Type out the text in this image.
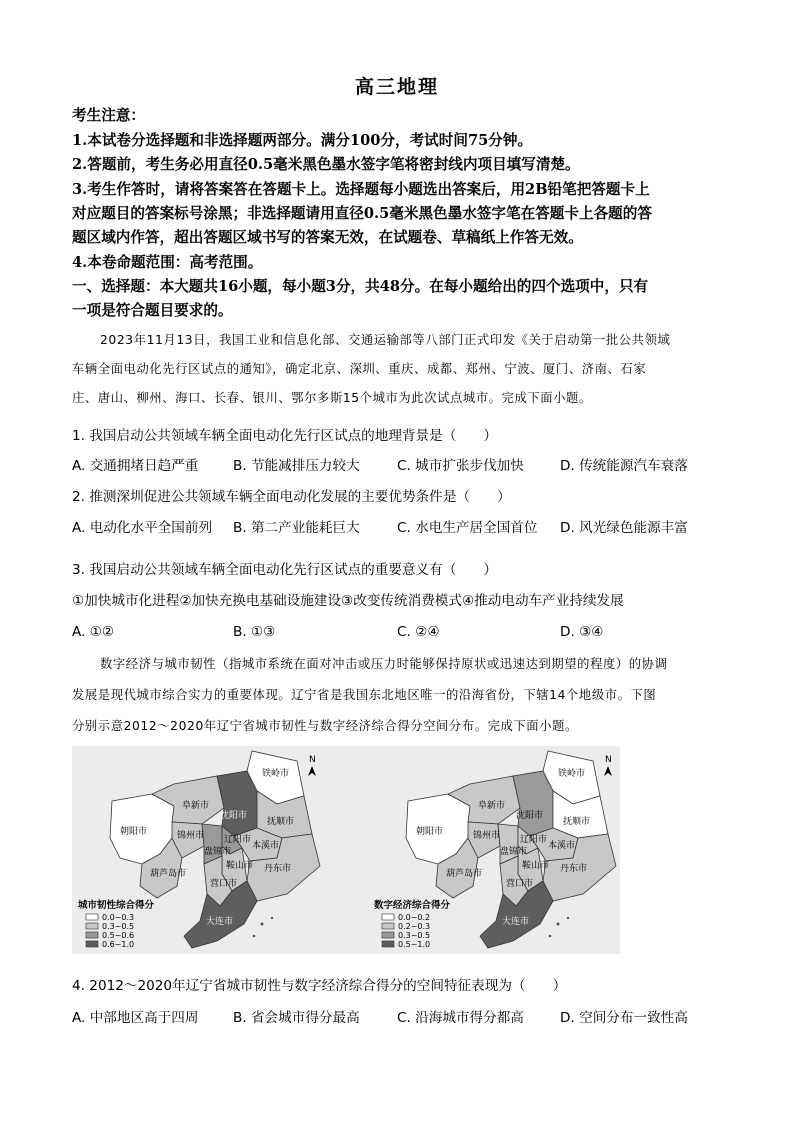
高三地理
考生注意：
1.本试卷分选择题和非选择题两部分。满分100分，考试时间75分钟。
2.答题前，考生务必用直径0.5毫米黑色墨水签字笔将密封线内项目填写清楚。
3.考生作答时，请将答案答在答题卡上。选择题每小题选出答案后，用2B铅笔把答题卡上
对应题目的答案标号涂黑；非选择题请用直径0.5毫米黑色墨水签字笔在答题卡上各题的答
题区域内作答，超出答题区域书写的答案无效，在试题卷、草稿纸上作答无效。
4.本卷命题范围：高考范围。
一、选择题：本大题共16小题，每小题3分，共48分。在每小题给出的四个选项中，只有
一项是符合题目要求的。
2023年11月13日，我国工业和信息化部、交通运输部等八部门正式印发《关于启动第一批公共领域
车辆全面电动化先行区试点的通知》，确定北京、深圳、重庆、成都、郑州、宁波、厦门、济南、石家
庄、唐山、柳州、海口、长春、银川、鄂尔多斯15个城市为此次试点城市。完成下面小题。
1. 我国启动公共领域车辆全面电动化先行区试点的地理背景是（　　）
A. 交通拥堵日趋严重	B. 节能减排压力较大	C. 城市扩张步伐加快	D. 传统能源汽车衰落
2. 推测深圳促进公共领域车辆全面电动化发展的主要优势条件是（　　）
A. 电动化水平全国前列 B. 第二产业能耗巨大	C. 水电生产居全国首位 D. 风光绿色能源丰富
3. 我国启动公共领域车辆全面电动化先行区试点的重要意义有（　　）
①加快城市化进程②加快充换电基础设施建设③改变传统消费模式④推动电动车产业持续发展
A. ①②	B. ①③	C. ②④	D. ③④
数字经济与城市韧性（指城市系统在面对冲击或压力时能够保持原状或迅速达到期望的程度）的协调
发展是现代城市综合实力的重要体现。辽宁省是我国东北地区唯一的沿海省份，下辖14个地级市。下图
分别示意2012～2020年辽宁省城市韧性与数字经济综合得分空间分布。完成下面小题。
铁岭市
阜新市
沈阳市
抚顺市
朝阳市	锦州市 辽阳市
本溪市
盘锦市
鞍山市
葫芦岛市
营口市
丹东市
大连市
N
城市韧性综合得分
0.0~0.3
0.3~0.5
0.5~0.6
0.6~1.0
铁岭市
阜新市
沈阳市
抚顺市
朝阳市	锦州市 辽阳市
本溪市
盘锦市
鞍山市
葫芦岛市
营口市
丹东市
大连市
N
数字经济综合得分
0.0~0.2
0.2~0.3
0.3~0.5
0.5~1.0
4. 2012～2020年辽宁省城市韧性与数字经济综合得分的空间特征表现为（　　）
A. 中部地区高于四周	B. 省会城市得分最高	C. 沿海城市得分都高	D. 空间分布一致性高
